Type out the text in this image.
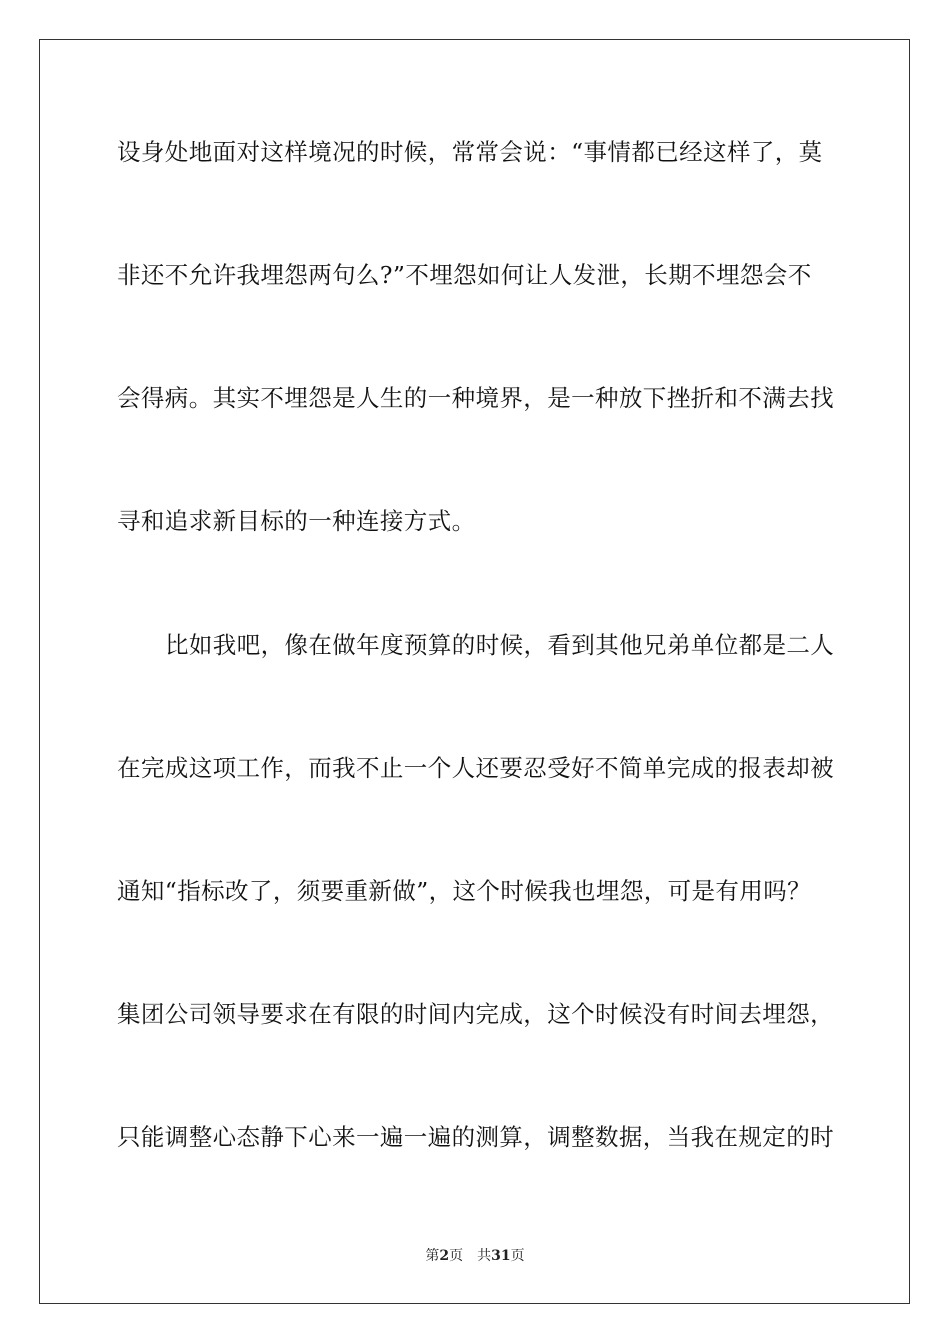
设身处地面对这样境况的时候，常常会说：“事情都已经这样了，莫
非还不允许我埋怨两句么?”不埋怨如何让人发泄，长期不埋怨会不
会得病。其实不埋怨是人生的一种境界，是一种放下挫折和不满去找
寻和追求新目标的一种连接方式。
比如我吧，像在做年度预算的时候，看到其他兄弟单位都是二人
在完成这项工作，而我不止一个人还要忍受好不简单完成的报表却被
通知“指标改了，须要重新做”，这个时候我也埋怨，可是有用吗？
集团公司领导要求在有限的时间内完成，这个时候没有时间去埋怨，
只能调整心态静下心来一遍一遍的测算，调整数据，当我在规定的时
第2页 共31页
